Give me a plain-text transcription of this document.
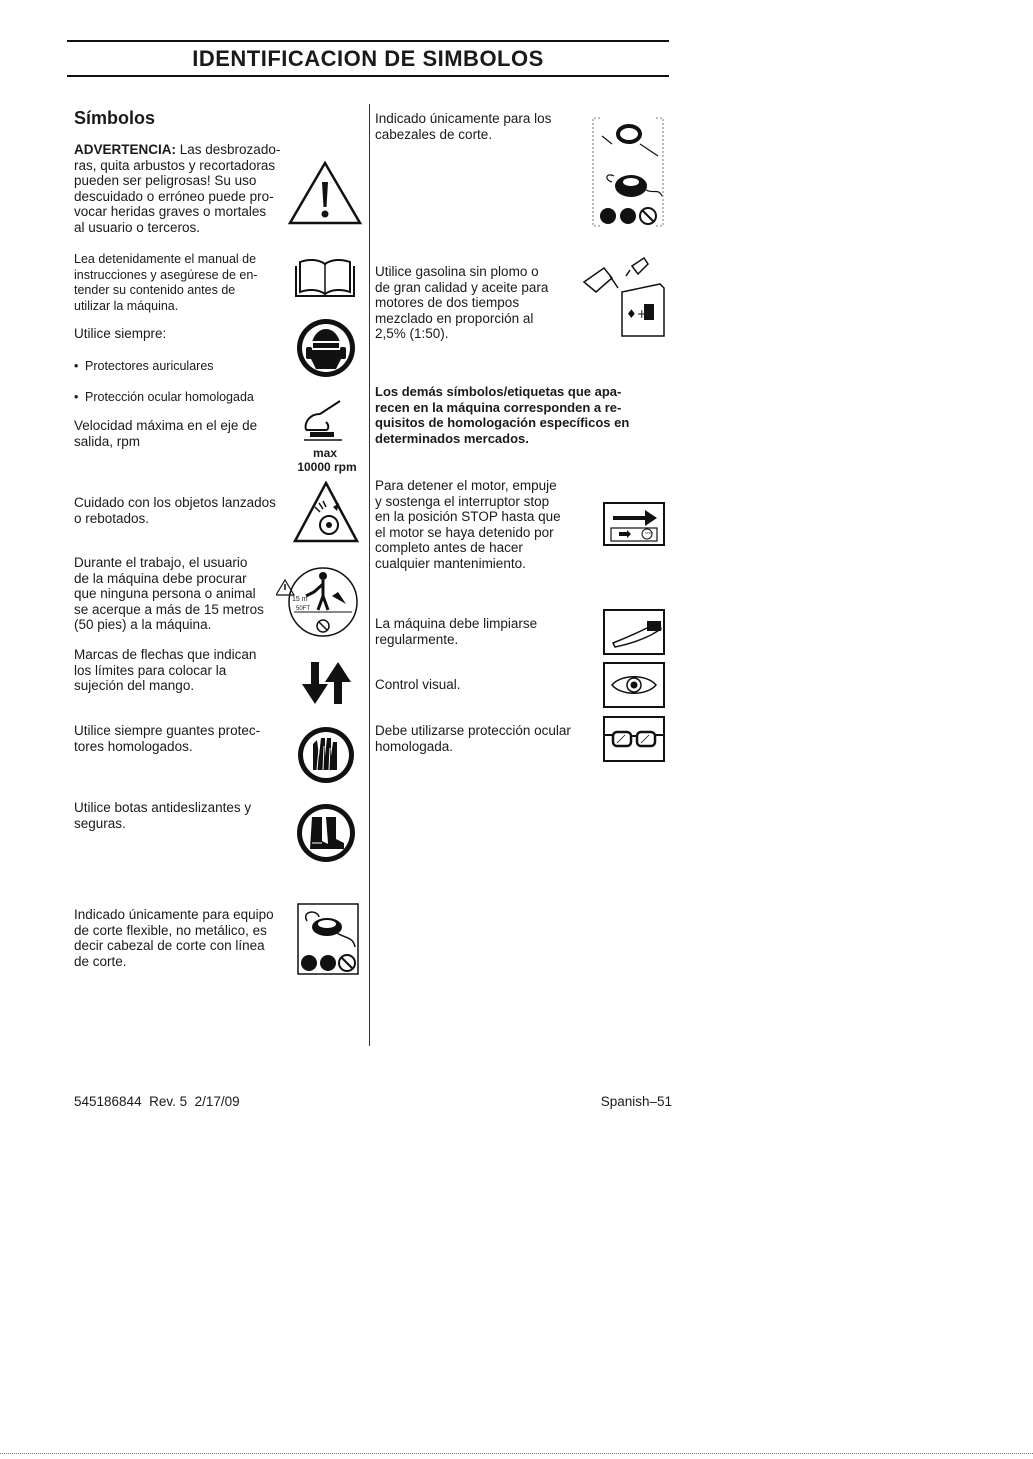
IDENTIFICACION DE SIMBOLOS
Símbolos
ADVERTENCIA: Las desbrozado-
ras, quita arbustos y recortadoras
pueden ser peligrosas! Su uso
descuidado o erróneo puede pro-
vocar heridas graves o mortales
al usuario o terceros.
Lea detenidamente el manual de
instrucciones y asegúrese de en-
tender su contenido antes de
utilizar la máquina.
Utilice siempre:

• Protectores auriculares

• Protección ocular homologada

Velocidad máxima en el eje de
salida, rpm
max
10000 rpm
Cuidado con los objetos lanzados
o rebotados.
Durante el trabajo, el usuario
de la máquina debe procurar
que ninguna persona o animal
se acerque a más de 15 metros
(50 pies) a la máquina.
15 m
50FT
Marcas de flechas que indican
los límites para colocar la
sujeción del mango.
Utilice siempre guantes protec-
tores homologados.
Utilice botas antideslizantes y
seguras.
Indicado únicamente para equipo
de corte flexible, no metálico, es
decir cabezal de corte con línea
de corte.
Indicado únicamente para los
cabezales de corte.
Utilice gasolina sin plomo o
de gran calidad y aceite para
motores de dos tiempos
mezclado en proporción al
2,5% (1:50).
♦+
Los demás símbolos/etiquetas que apa-
recen en la máquina corresponden a re-
quisitos de homologación específicos en
determinados mercados.
Para detener el motor, empuje
y sostenga el interruptor stop
en la posición STOP hasta que
el motor se haya detenido por
completo antes de hacer
cualquier mantenimiento.
STOP
La máquina debe limpiarse
regularmente.
Control visual.
Debe utilizarse protección ocular
homologada.
545186844  Rev. 5  2/17/09	Spanish–51
